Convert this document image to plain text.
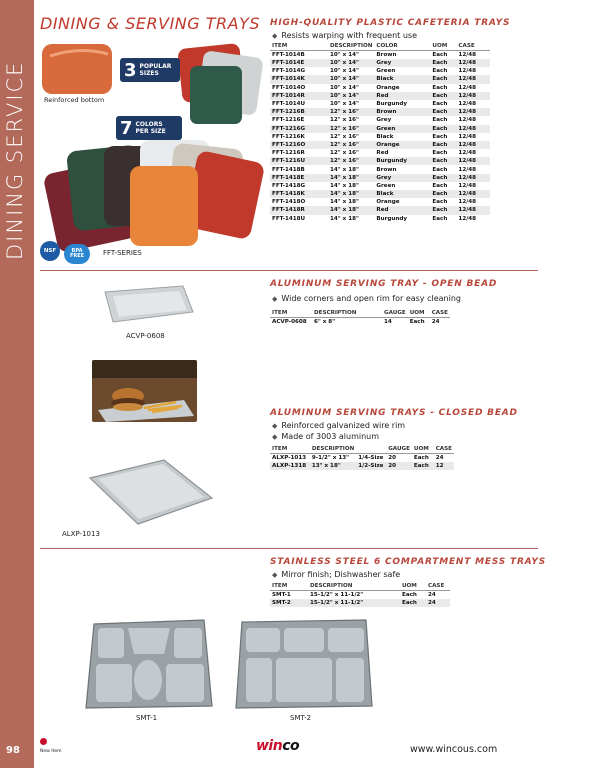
DINING SERVICE
98
DINING & SERVING TRAYS
Reinforced bottom
3 POPULAR SIZES
7 COLORS PER SIZE
NSF	BPA FREE	FFT-SERIES
HIGH-QUALITY PLASTIC CAFETERIA TRAYS
◆ Resists warping with frequent use
ITEM	DESCRIPTION	COLOR	UOM	CASE
FFT-1014B	10" x 14"	Brown	Each	12/48
FFT-1014E	10" x 14"	Grey	Each	12/48
FFT-1014G	10" x 14"	Green	Each	12/48
FFT-1014K	10" x 14"	Black	Each	12/48
FFT-1014O	10" x 14"	Orange	Each	12/48
FFT-1014R	10" x 14"	Red	Each	12/48
FFT-1014U	10" x 14"	Burgundy	Each	12/48
FFT-1216B	12" x 16"	Brown	Each	12/48
FFT-1216E	12" x 16"	Grey	Each	12/48
FFT-1216G	12" x 16"	Green	Each	12/48
FFT-1216K	12" x 16"	Black	Each	12/48
FFT-1216O	12" x 16"	Orange	Each	12/48
FFT-1216R	12" x 16"	Red	Each	12/48
FFT-1216U	12" x 16"	Burgundy	Each	12/48
FFT-1418B	14" x 18"	Brown	Each	12/48
FFT-1418E	14" x 18"	Grey	Each	12/48
FFT-1418G	14" x 18"	Green	Each	12/48
FFT-1418K	14" x 18"	Black	Each	12/48
FFT-1418O	14" x 18"	Orange	Each	12/48
FFT-1418R	14" x 18"	Red	Each	12/48
FFT-1418U	14" x 18"	Burgundy	Each	12/48
ACVP-0608
ALUMINUM SERVING TRAY - OPEN BEAD
◆ Wide corners and open rim for easy cleaning
ITEM	DESCRIPTION	GAUGE	UOM	CASE
ACVP-0608	6" x 8"	14	Each	24
ALXP-1013
ALUMINUM SERVING TRAYS - CLOSED BEAD
◆ Reinforced galvanized wire rim
◆ Made of 3003 aluminum
ITEM	DESCRIPTION		GAUGE	UOM	CASE
ALXP-1013	9-1/2" x 13"	1/4-Size	20	Each	24
ALXP-1318	13" x 18"	1/2-Size	20	Each	12
STAINLESS STEEL 6 COMPARTMENT MESS TRAYS
◆ Mirror finish; Dishwasher safe
ITEM	DESCRIPTION	UOM	CASE
SMT-1	15-1/2" x 11-1/2"	Each	24
SMT-2	15-1/2" x 11-1/2"	Each	24
SMT-1	SMT-2

New Item	winco	www.wincous.com
